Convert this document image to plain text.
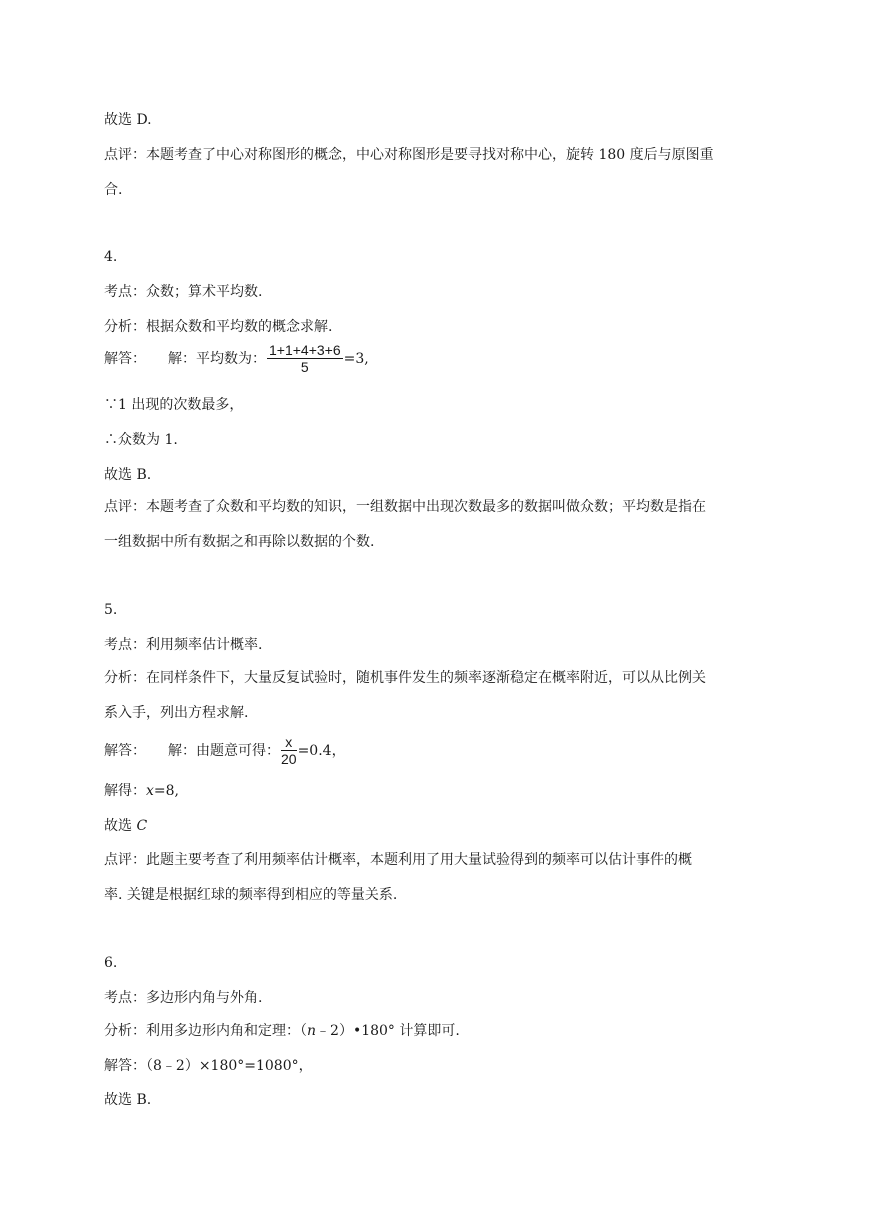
故选 D.
点评：本题考查了中心对称图形的概念，中心对称图形是要寻找对称中心，旋转 180 度后与原图重
合.
4.
考点：众数；算术平均数.
分析：根据众数和平均数的概念求解.
解答： 解：平均数为： $\frac{1+1+4+3+6}{5} =3$,
∵1 出现的次数最多，
∴众数为 1.
故选 B.
点评：本题考查了众数和平均数的知识，一组数据中出现次数最多的数据叫做众数；平均数是指在
一组数据中所有数据之和再除以数据的个数.
5.
考点：利用频率估计概率.
分析：在同样条件下，大量反复试验时，随机事件发生的频率逐渐稳定在概率附近，可以从比例关
系入手，列出方程求解.
解答： 解：由题意可得： $\frac{x}{20} =0.4$，
解得：x=8,
故选 C
点评：此题主要考查了利用频率估计概率，本题利用了用大量试验得到的频率可以估计事件的概
率. 关键是根据红球的频率得到相应的等量关系.
6.
考点：多边形内角与外角.
分析：利用多边形内角和定理：（n﹣2）•180° 计算即可.
解答：（8﹣2）×180°=1080°，
故选 B.
